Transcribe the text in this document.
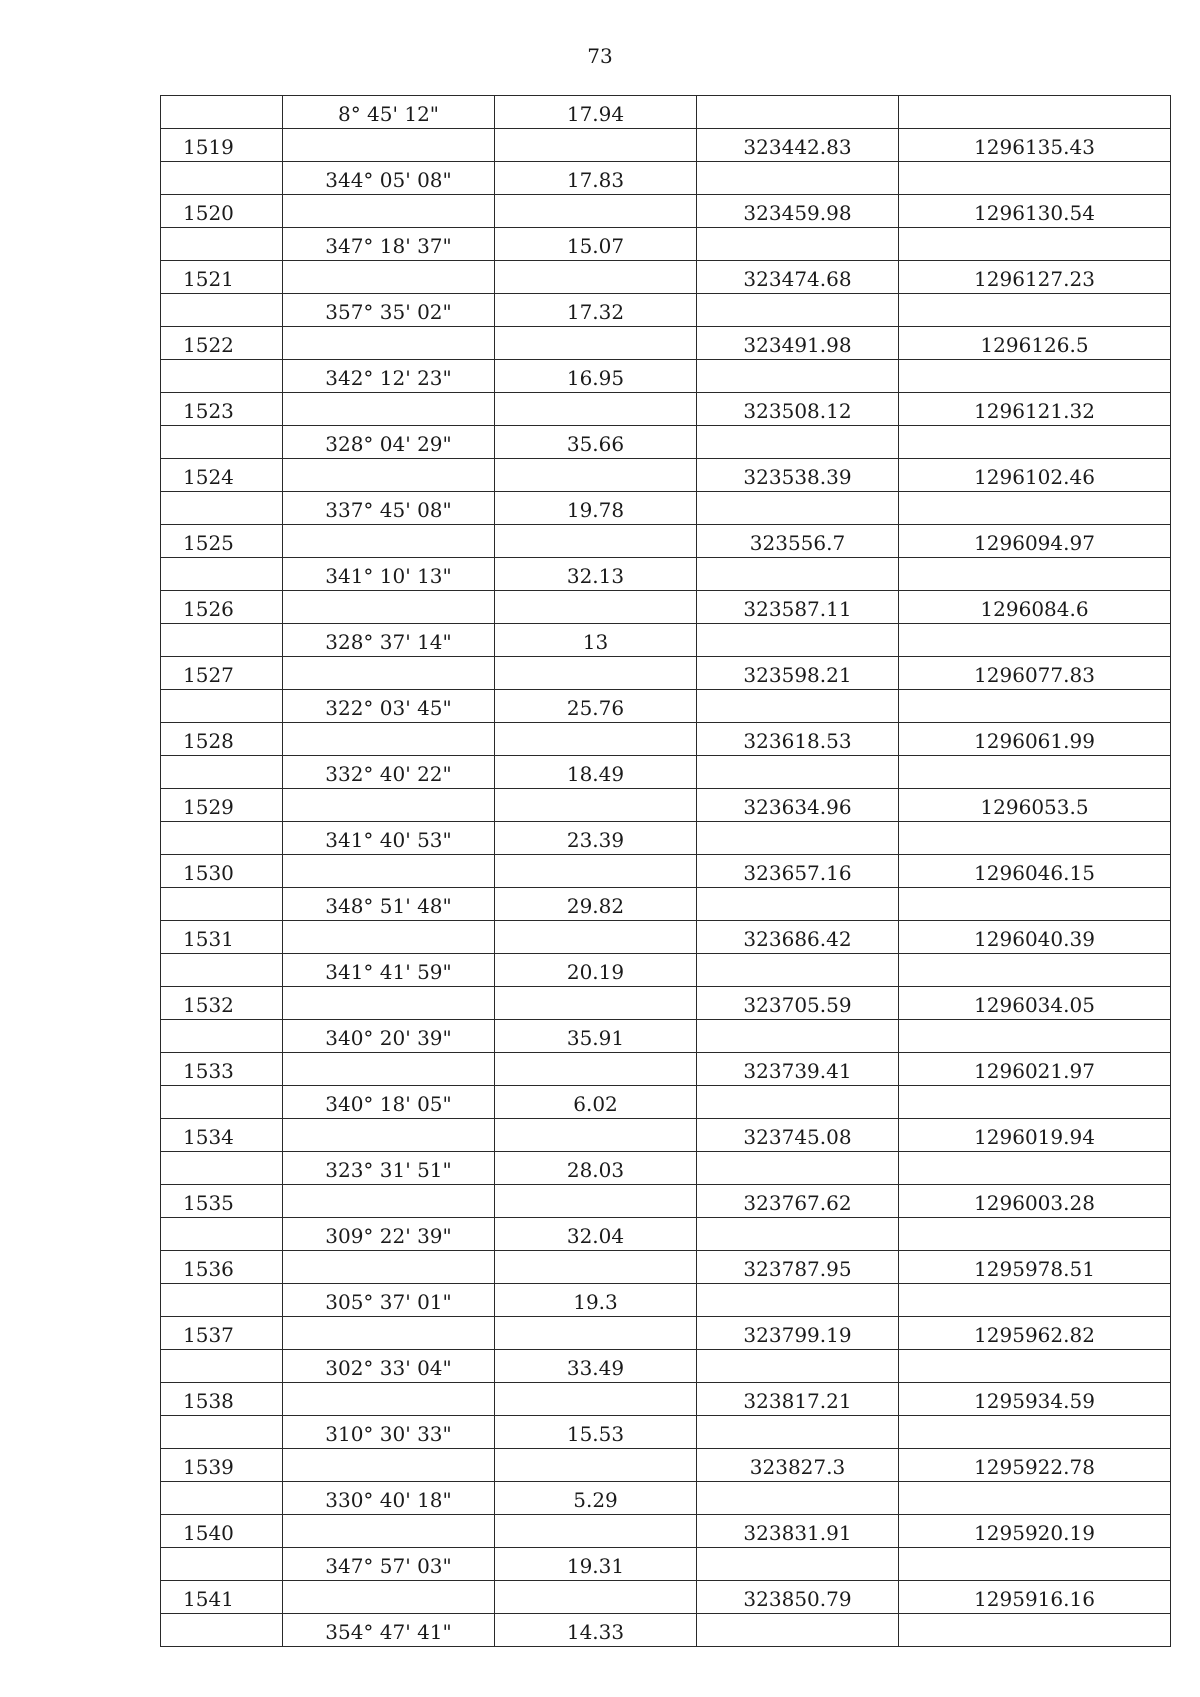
73
	8° 45' 12"	17.94		
1519			323442.83	1296135.43
	344° 05' 08"	17.83		
1520			323459.98	1296130.54
	347° 18' 37"	15.07		
1521			323474.68	1296127.23
	357° 35' 02"	17.32		
1522			323491.98	1296126.5
	342° 12' 23"	16.95		
1523			323508.12	1296121.32
	328° 04' 29"	35.66		
1524			323538.39	1296102.46
	337° 45' 08"	19.78		
1525			323556.7	1296094.97
	341° 10' 13"	32.13		
1526			323587.11	1296084.6
	328° 37' 14"	13		
1527			323598.21	1296077.83
	322° 03' 45"	25.76		
1528			323618.53	1296061.99
	332° 40' 22"	18.49		
1529			323634.96	1296053.5
	341° 40' 53"	23.39		
1530			323657.16	1296046.15
	348° 51' 48"	29.82		
1531			323686.42	1296040.39
	341° 41' 59"	20.19		
1532			323705.59	1296034.05
	340° 20' 39"	35.91		
1533			323739.41	1296021.97
	340° 18' 05"	6.02		
1534			323745.08	1296019.94
	323° 31' 51"	28.03		
1535			323767.62	1296003.28
	309° 22' 39"	32.04		
1536			323787.95	1295978.51
	305° 37' 01"	19.3		
1537			323799.19	1295962.82
	302° 33' 04"	33.49		
1538			323817.21	1295934.59
	310° 30' 33"	15.53		
1539			323827.3	1295922.78
	330° 40' 18"	5.29		
1540			323831.91	1295920.19
	347° 57' 03"	19.31		
1541			323850.79	1295916.16
	354° 47' 41"	14.33		
